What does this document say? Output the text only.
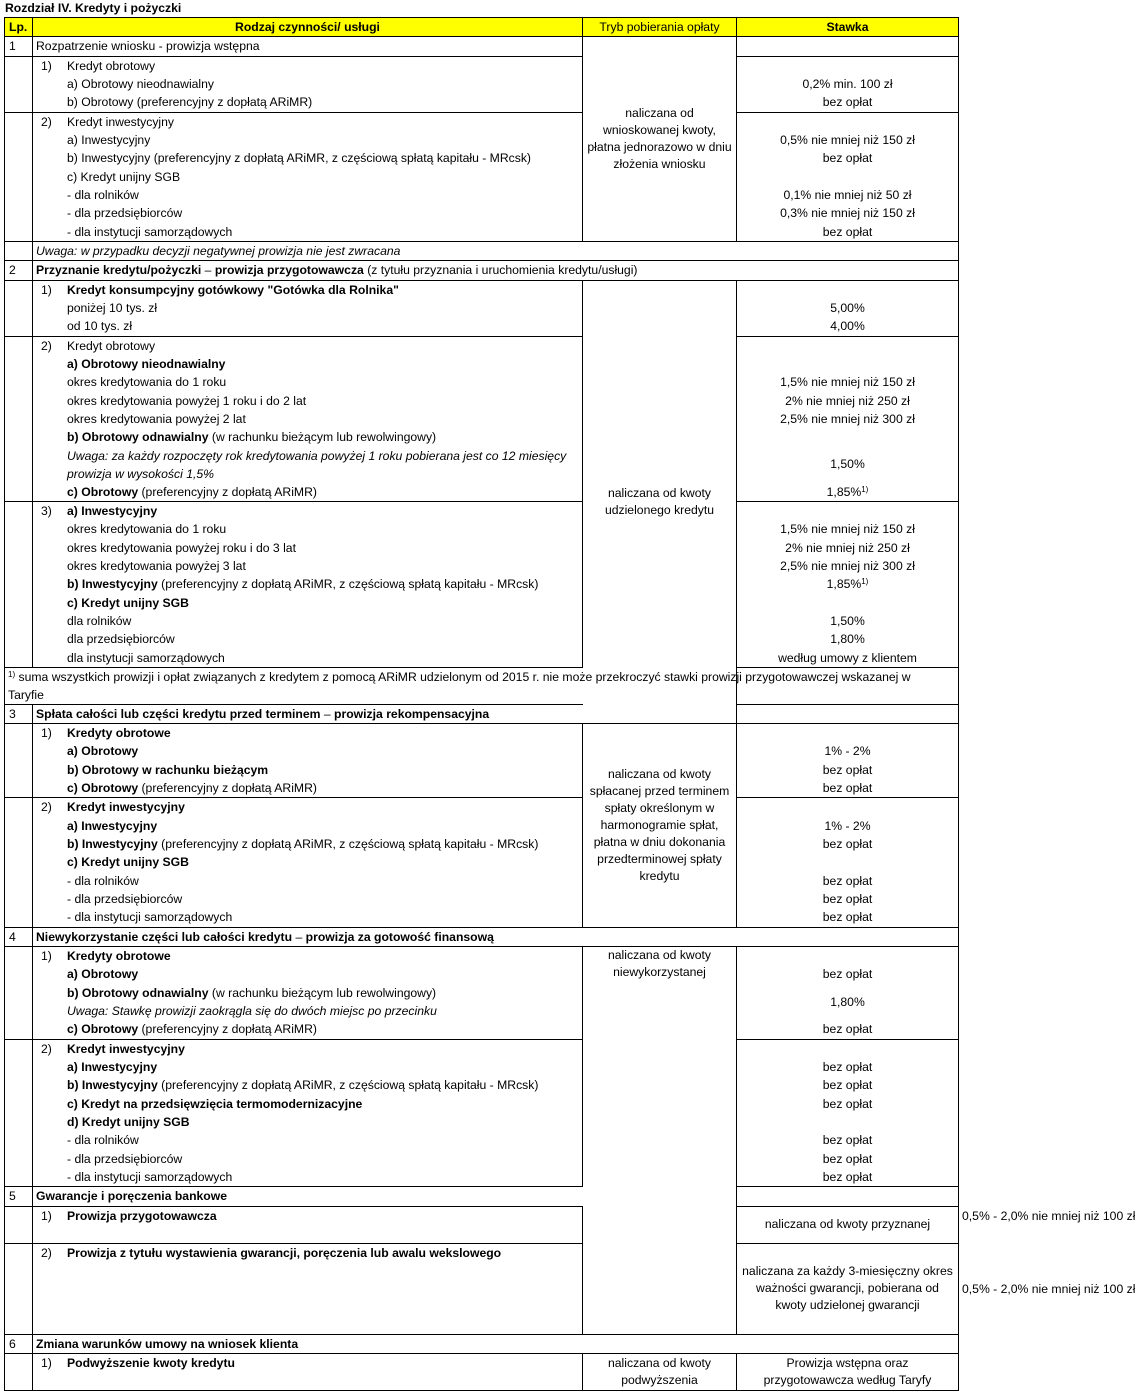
Rozdział IV. Kredyty i pożyczki
Lp.	Rodzaj czynności/ usługi	Tryb pobierania opłaty	Stawka	
1	Rozpatrzenie wniosku - prowizja wstępna	naliczana od wnioskowanej kwoty, płatna jednorazowo w dniu złożenia wniosku		
	1) Kredyt obrotowy			
	a) Obrotowy nieodnawialny		0,2% min. 100 zł	
	b) Obrotowy (preferencyjny z dopłatą ARiMR)		bez opłat	
	2) Kredyt inwestycyjny			
	a) Inwestycyjny		0,5% nie mniej niż 150 zł	
	b) Inwestycyjny (preferencyjny z dopłatą ARiMR, z częściową spłatą kapitału - MRcsk)		bez opłat	
	c) Kredyt unijny SGB			
	- dla rolników		0,1% nie mniej niż 50 zł	
	- dla przedsiębiorców		0,3% nie mniej niż 150 zł	
	- dla instytucji samorządowych		bez opłat	
	Uwaga: w przypadku decyzji negatywnej prowizja nie jest zwracana			
2	Przyznanie kredytu/pożyczki – prowizja przygotowawcza (z tytułu przyznania i uruchomienia kredytu/usługi)			
	1) Kredyt konsumpcyjny gotówkowy "Gotówka dla Rolnika"	naliczana od kwoty udzielonego kredytu		
	poniżej 10 tys. zł		5,00%	
	od 10 tys. zł		4,00%	
	2) Kredyt obrotowy			
	a) Obrotowy nieodnawialny			
	okres kredytowania do 1 roku		1,5% nie mniej niż 150 zł	
	okres kredytowania powyżej 1 roku i do 2 lat		2% nie mniej niż 250 zł	
	okres kredytowania powyżej 2 lat		2,5% nie mniej niż 300 zł	
	b) Obrotowy odnawialny (w rachunku bieżącym lub rewolwingowy)			
	Uwaga: za każdy rozpoczęty rok kredytowania powyżej 1 roku pobierana jest co 12 miesięcy prowizja w wysokości 1,5%		1,50%	
	c) Obrotowy (preferencyjny z dopłatą ARiMR)		1,85%$^{1)}$
	3) a) Inwestycyjny			
	okres kredytowania do 1 roku		1,5% nie mniej niż 150 zł	
	okres kredytowania powyżej roku i do 3 lat		2% nie mniej niż 250 zł	
	okres kredytowania powyżej 3 lat		2,5% nie mniej niż 300 zł	
	b) Inwestycyjny (preferencyjny z dopłatą ARiMR, z częściową spłatą kapitału - MRcsk)		1,85%$^{1)}$
	c) Kredyt unijny SGB			
	dla rolników		1,50%	
	dla przedsiębiorców		1,80%	
	dla instytucji samorządowych		według umowy z klientem	
$^{1)}$ suma wszystkich prowizji i opłat związanych z kredytem z pomocą ARiMR udzielonym od 2015 r. nie może przekroczyć stawki prowizji przygotowawczej wskazanej w Taryfie				
3	Spłata całości lub części kredytu przed terminem – prowizja rekompensacyjna			
	1) Kredyty obrotowe	naliczana od kwoty spłacanej przed terminem spłaty określonym w harmonogramie spłat, płatna w dniu dokonania przedterminowej spłaty kredytu		
	a) Obrotowy		1% - 2%	
	b) Obrotowy w rachunku bieżącym		bez opłat	
	c) Obrotowy (preferencyjny z dopłatą ARiMR)		bez opłat	
	2) Kredyt inwestycyjny			
	a) Inwestycyjny		1% - 2%	
	b) Inwestycyjny (preferencyjny z dopłatą ARiMR, z częściową spłatą kapitału - MRcsk)		bez opłat	
	c) Kredyt unijny SGB			
	- dla rolników		bez opłat	
	- dla przedsiębiorców		bez opłat	
	- dla instytucji samorządowych		bez opłat	
4	Niewykorzystanie części lub całości kredytu – prowizja za gotowość finansową			
	1) Kredyty obrotowe	naliczana od kwoty niewykorzystanej		
	a) Obrotowy		bez opłat	
	b) Obrotowy odnawialny (w rachunku bieżącym lub rewolwingowy)		1,80%	
	Uwaga: Stawkę prowizji zaokrągla się do dwóch miejsc po przecinku			
	c) Obrotowy (preferencyjny z dopłatą ARiMR)		bez opłat	
	2) Kredyt inwestycyjny			
	a) Inwestycyjny		bez opłat	
	b) Inwestycyjny (preferencyjny z dopłatą ARiMR, z częściową spłatą kapitału - MRcsk)		bez opłat	
	c) Kredyt na przedsięwzięcia termomodernizacyjne		bez opłat	
	d) Kredyt unijny SGB			
	- dla rolników		bez opłat	
	- dla przedsiębiorców		bez opłat	
	- dla instytucji samorządowych		bez opłat	
5	Gwarancje i poręczenia bankowe			
	1) Prowizja przygotowawcza		naliczana od kwoty przyznanej	0,5% - 2,0% nie mniej niż 100 zł
	2) Prowizja z tytułu wystawienia gwarancji, poręczenia lub awalu wekslowego		naliczana za każdy 3-miesięczny okres ważności gwarancji, pobierana od kwoty udzielonej gwarancji	0,5% - 2,0% nie mniej niż 100 zł
6	Zmiana warunków umowy na wniosek klienta			
	1) Podwyższenie kwoty kredytu	naliczana od kwoty podwyższenia	Prowizja wstępna oraz przygotowawcza według Taryfy	
